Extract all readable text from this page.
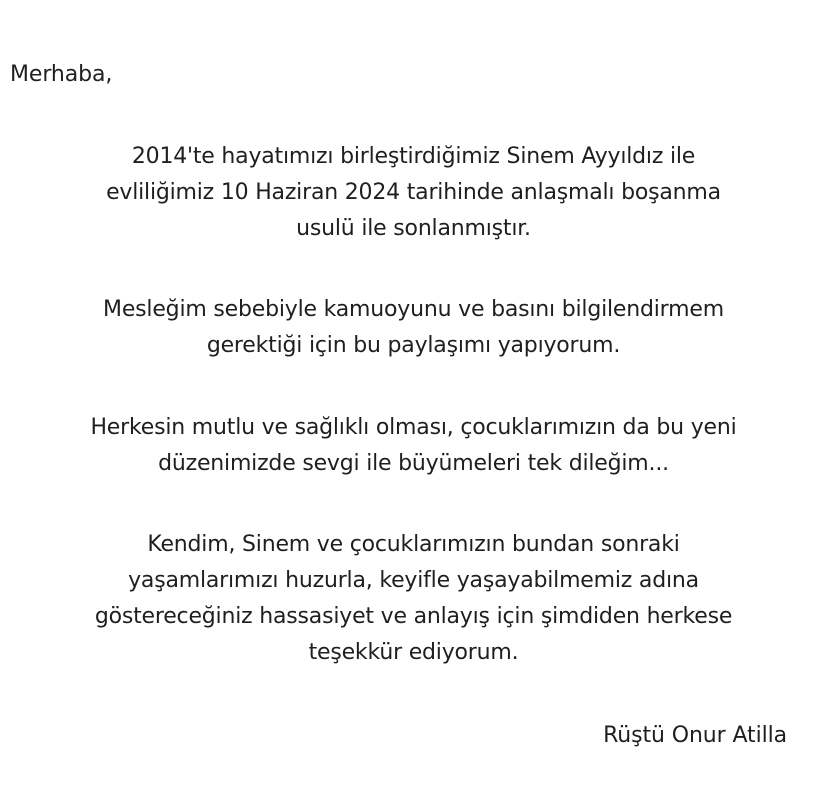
Merhaba,
2014'te hayatımızı birleştirdiğimiz Sinem Ayyıldız ile
evliliğimiz 10 Haziran 2024 tarihinde anlaşmalı boşanma
usulü ile sonlanmıştır.
Mesleğim sebebiyle kamuoyunu ve basını bilgilendirmem
gerektiği için bu paylaşımı yapıyorum.
Herkesin mutlu ve sağlıklı olması, çocuklarımızın da bu yeni
düzenimizde sevgi ile büyümeleri tek dileğim...
Kendim, Sinem ve çocuklarımızın bundan sonraki
yaşamlarımızı huzurla, keyifle yaşayabilmemiz adına
göstereceğiniz hassasiyet ve anlayış için şimdiden herkese
teşekkür ediyorum.
Rüştü Onur Atilla
